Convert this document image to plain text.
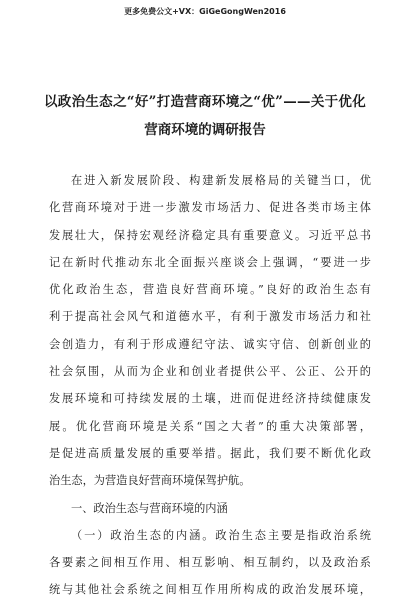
更多免费公文+VX：GiGeGongWen2016
以政治生态之“好”打造营商环境之“优”——关于优化
营商环境的调研报告
在进入新发展阶段、构建新发展格局的关键当口，优
化营商环境对于进一步激发市场活力、促进各类市场主体
发展壮大，保持宏观经济稳定具有重要意义。习近平总书
记在新时代推动东北全面振兴座谈会上强调，“要进一步
优化政治生态，营造良好营商环境。”良好的政治生态有
利于提高社会风气和道德水平，有利于激发市场活力和社
会创造力，有利于形成遵纪守法、诚实守信、创新创业的
社会氛围，从而为企业和创业者提供公平、公正、公开的
发展环境和可持续发展的土壤，进而促进经济持续健康发
展。优化营商环境是关系“国之大者”的重大决策部署，
是促进高质量发展的重要举措。据此，我们要不断优化政
治生态，为营造良好营商环境保驾护航。
一、政治生态与营商环境的内涵
（一）政治生态的内涵。政治生态主要是指政治系统
各要素之间相互作用、相互影响、相互制约，以及政治系
统与其他社会系统之间相互作用所构成的政治发展环境，
